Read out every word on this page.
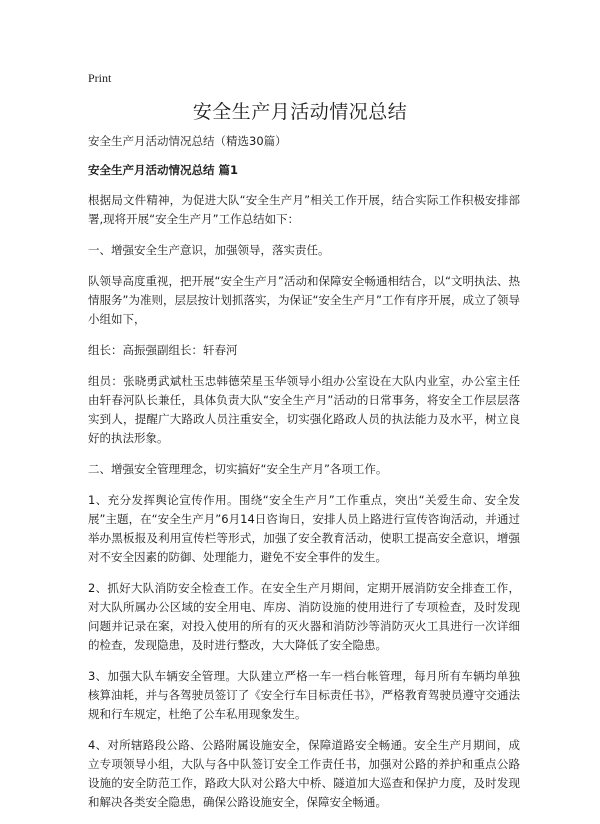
Print
安全生产月活动情况总结

安全生产月活动情况总结（精选30篇）

安全生产月活动情况总结 篇1

根据局文件精神，为促进大队“安全生产月”相关工作开展，结合实际工作积极安排部署,现将开展“安全生产月”工作总结如下：

一、增强安全生产意识，加强领导，落实责任。

队领导高度重视，把开展“安全生产月”活动和保障安全畅通相结合，以“文明执法、热情服务”为准则，层层按计划抓落实，为保证“安全生产月”工作有序开展，成立了领导小组如下，

组长：高振强副组长：轩春河

组员：张晓勇武斌杜玉忠韩德荣星玉华领导小组办公室设在大队内业室，办公室主任由轩春河队长兼任，具体负责大队“安全生产月”活动的日常事务，将安全工作层层落实到人，提醒广大路政人员注重安全，切实强化路政人员的执法能力及水平，树立良好的执法形象。

二、增强安全管理理念，切实搞好“安全生产月”各项工作。

1、充分发挥舆论宣传作用。围绕“安全生产月”工作重点，突出“关爱生命、安全发展”主题，在“安全生产月”6月14日咨询日，安排人员上路进行宣传咨询活动，并通过举办黑板报及利用宣传栏等形式，加强了安全教育活动，使职工提高安全意识，增强对不安全因素的防御、处理能力，避免不安全事件的发生。

2、抓好大队消防安全检查工作。在安全生产月期间，定期开展消防安全排查工作，对大队所属办公区域的安全用电、库房、消防设施的使用进行了专项检查，及时发现问题并记录在案，对投入使用的所有的灭火器和消防沙等消防灭火工具进行一次详细的检查，发现隐患，及时进行整改，大大降低了安全隐患。

3、加强大队车辆安全管理。大队建立严格一车一档台帐管理，每月所有车辆均单独核算油耗，并与各驾驶员签订了《安全行车目标责任书》，严格教育驾驶员遵守交通法规和行车规定，杜绝了公车私用现象发生。

4、对所辖路段公路、公路附属设施安全，保障道路安全畅通。安全生产月期间，成立专项领导小组，大队与各中队签订安全工作责任书，加强对公路的养护和重点公路设施的安全防范工作，路政大队对公路大中桥、隧道加大巡查和保护力度，及时发现和解决各类安全隐患，确保公路设施安全，保障安全畅通。
